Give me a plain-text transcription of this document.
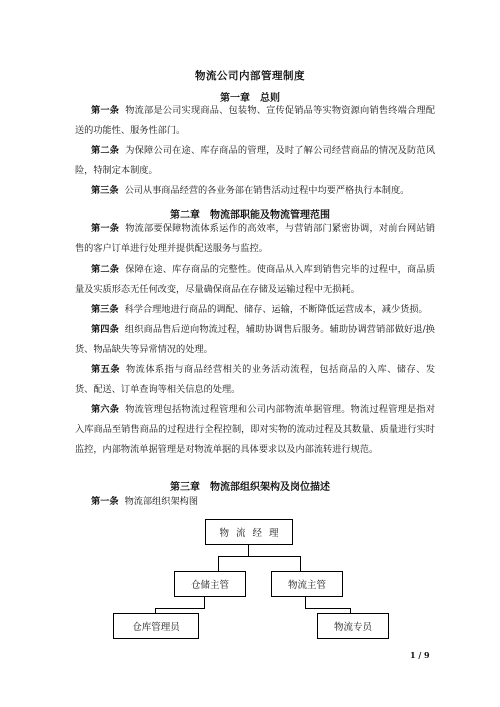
物流公司内部管理制度
第一章　总则
第一条 物流部是公司实现商品、包装物、宣传促销品等实物资源向销售终端合理配送的功能性、服务性部门。
第二条 为保障公司在途、库存商品的管理，及时了解公司经营商品的情况及防范风险，特制定本制度。
第三条 公司从事商品经营的各业务部在销售活动过程中均要严格执行本制度。
第二章　物流部职能及物流管理范围
第一条 物流部要保障物流体系运作的高效率，与营销部门紧密协调，对前台网站销售的客户订单进行处理并提供配送服务与监控。
第二条 保障在途、库存商品的完整性。使商品从入库到销售完毕的过程中，商品质量及实质形态无任何改变，尽量确保商品在存储及运输过程中无损耗。
第三条 科学合理地进行商品的调配、储存、运输，不断降低运营成本，减少货损。
第四条 组织商品售后逆向物流过程，辅助协调售后服务。辅助协调营销部做好退/换货、物品缺失等异常情况的处理。
第五条 物流体系指与商品经营相关的业务活动流程，包括商品的入库、储存、发货、配送、订单查询等相关信息的处理。
第六条 物流管理包括物流过程管理和公司内部物流单据管理。物流过程管理是指对入库商品至销售商品的过程进行全程控制，即对实物的流动过程及其数量、质量进行实时监控，内部物流单据管理是对物流单据的具体要求以及内部流转进行规范。
第三章　物流部组织架构及岗位描述
第一条 物流部组织架构图
物流经理
仓储主管	物流主管
仓库管理员	物流专员
1 / 9
